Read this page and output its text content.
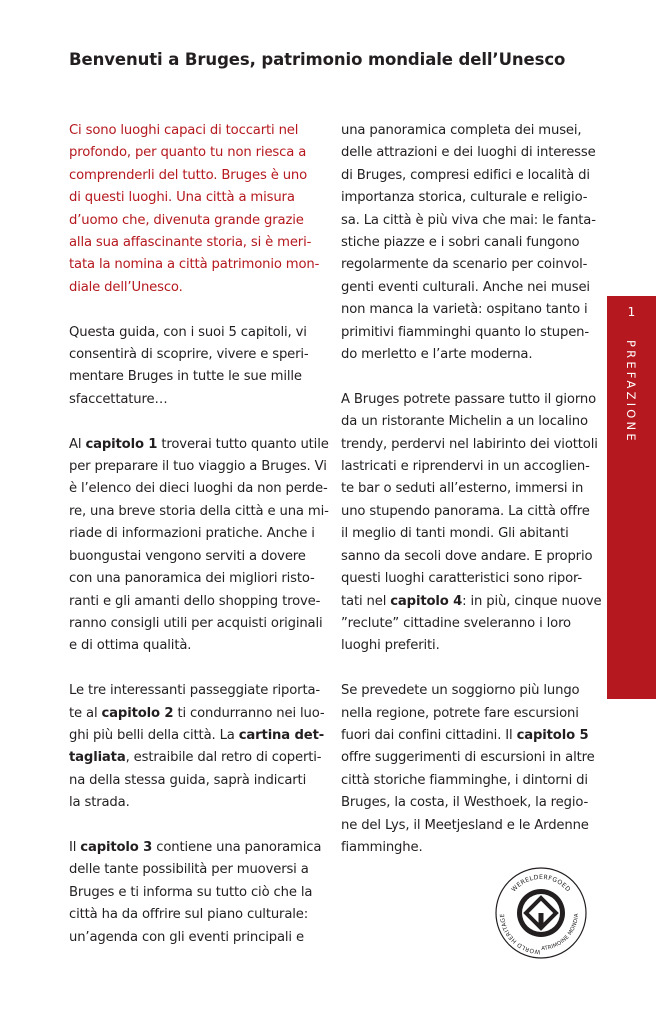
Benvenuti a Bruges, patrimonio mondiale dell’Unesco

Ci sono luoghi capaci di toccarti nel
profondo, per quanto tu non riesca a
comprenderli del tutto. Bruges è uno
di questi luoghi. Una città a misura
d’uomo che, divenuta grande grazie
alla sua affascinante storia, si è meri-
tata la nomina a città patrimonio mon-
diale dell’Unesco.

Questa guida, con i suoi 5 capitoli, vi
consentirà di scoprire, vivere e speri-
mentare Bruges in tutte le sue mille
sfaccettature…

Al capitolo 1 troverai tutto quanto utile
per preparare il tuo viaggio a Bruges. Vi
è l’elenco dei dieci luoghi da non perde-
re, una breve storia della città e una mi-
riade di informazioni pratiche. Anche i
buongustai vengono serviti a dovere
con una panoramica dei migliori risto-
ranti e gli amanti dello shopping trove-
ranno consigli utili per acquisti originali
e di ottima qualità.

Le tre interessanti passeggiate riporta-
te al capitolo 2 ti condurranno nei luo-
ghi più belli della città. La cartina det-
tagliata, estraibile dal retro di coperti-
na della stessa guida, saprà indicarti
la strada.

Il capitolo 3 contiene una panoramica
delle tante possibilità per muoversi a
Bruges e ti informa su tutto ciò che la
città ha da offrire sul piano culturale:
un’agenda con gli eventi principali e

una panoramica completa dei musei,
delle attrazioni e dei luoghi di interesse
di Bruges, compresi edifici e località di
importanza storica, culturale e religio-
sa. La città è più viva che mai: le fanta-
stiche piazze e i sobri canali fungono
regolarmente da scenario per coinvol-
genti eventi culturali. Anche nei musei
non manca la varietà: ospitano tanto i
primitivi fiamminghi quanto lo stupen-
do merletto e l’arte moderna.

A Bruges potrete passare tutto il giorno
da un ristorante Michelin a un localino
trendy, perdervi nel labirinto dei viottoli
lastricati e riprendervi in un accoglien-
te bar o seduti all’esterno, immersi in
uno stupendo panorama. La città offre
il meglio di tanti mondi. Gli abitanti
sanno da secoli dove andare. E proprio
questi luoghi caratteristici sono ripor-
tati nel capitolo 4: in più, cinque nuove
”reclute” cittadine sveleranno i loro
luoghi preferiti.

Se prevedete un soggiorno più lungo
nella regione, potrete fare escursioni
fuori dai confini cittadini. Il capitolo 5
offre suggerimenti di escursioni in altre
città storiche fiamminghe, i dintorni di
Bruges, la costa, il Westhoek, la regio-
ne del Lys, il Meetjesland e le Ardenne
fiamminghe.

1
PREFAZIONE
WERELDERFGOED
WORLD HERITAGE
ATRIMOINE MONDIA
